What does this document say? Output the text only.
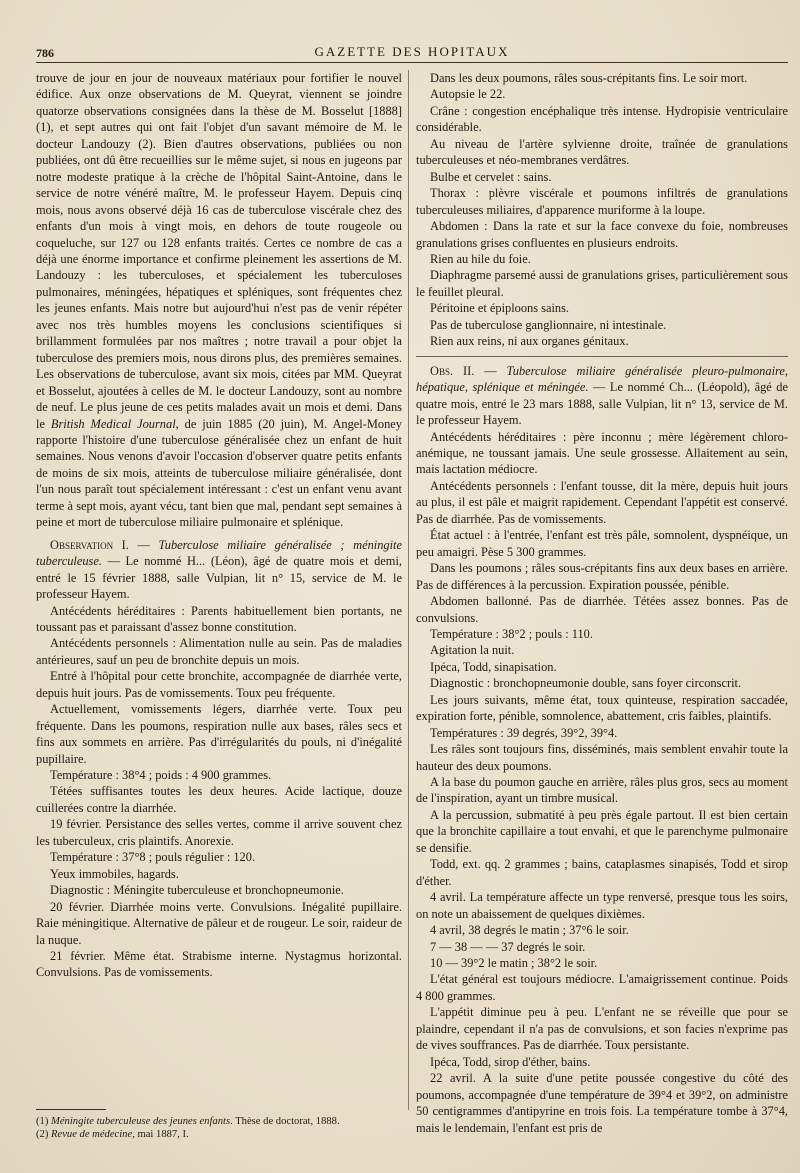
786	GAZETTE DES HOPITAUX

trouve de jour en jour de nouveaux matériaux pour fortifier le nouvel édifice. Aux onze observations de M. Queyrat, viennent se joindre quatorze observations consignées dans la thèse de M. Bosselut [1888] (1), et sept autres qui ont fait l'objet d'un savant mémoire de M. le docteur Landouzy (2). Bien d'autres observations, publiées ou non publiées, ont dû être recueillies sur le même sujet, si nous en jugeons par notre modeste pratique à la crèche de l'hôpital Saint-Antoine, dans le service de notre vénéré maître, M. le professeur Hayem. Depuis cinq mois, nous avons observé déjà 16 cas de tuberculose viscérale chez des enfants d'un mois à vingt mois, en dehors de toute rougeole ou coqueluche, sur 127 ou 128 enfants traités. Certes ce nombre de cas a déjà une énorme importance et confirme pleinement les assertions de M. Landouzy : les tuberculoses, et spécialement les tuberculoses pulmonaires, méningées, hépatiques et spléniques, sont fréquentes chez les jeunes enfants. Mais notre but aujourd'hui n'est pas de venir répéter avec nos très humbles moyens les conclusions scientifiques si brillamment formulées par nos maîtres ; notre travail a pour objet la tuberculose des premiers mois, nous dirons plus, des premières semaines. Les observations de tuberculose, avant six mois, citées par MM. Queyrat et Bosselut, ajoutées à celles de M. le docteur Landouzy, sont au nombre de neuf. Le plus jeune de ces petits malades avait un mois et demi. Dans le British Medical Journal, de juin 1885 (20 juin), M. Angel-Money rapporte l'histoire d'une tuberculose généralisée chez un enfant de huit semaines. Nous venons d'avoir l'occasion d'observer quatre petits enfants de moins de six mois, atteints de tuberculose miliaire généralisée, dont l'un nous paraît tout spécialement intéressant : c'est un enfant venu avant terme à sept mois, ayant vécu, tant bien que mal, pendant sept semaines à peine et mort de tuberculose miliaire pulmonaire et splénique.

Observation I. — Tuberculose miliaire généralisée ; méningite tuberculeuse. — Le nommé H... (Léon), âgé de quatre mois et demi, entré le 15 février 1888, salle Vulpian, lit n° 15, service de M. le professeur Hayem.

Antécédents héréditaires : Parents habituellement bien portants, ne toussant pas et paraissant d'assez bonne constitution.

Antécédents personnels : Alimentation nulle au sein. Pas de maladies antérieures, sauf un peu de bronchite depuis un mois.

Entré à l'hôpital pour cette bronchite, accompagnée de diarrhée verte, depuis huit jours. Pas de vomissements. Toux peu fréquente.

Actuellement, vomissements légers, diarrhée verte. Toux peu fréquente. Dans les poumons, respiration nulle aux bases, râles secs et fins aux sommets en arrière. Pas d'irrégularités du pouls, ni d'inégalité pupillaire.

Température : 38°4 ; poids : 4 900 grammes.

Tétées suffisantes toutes les deux heures. Acide lactique, douze cuillerées contre la diarrhée.

19 février. Persistance des selles vertes, comme il arrive souvent chez les tuberculeux, cris plaintifs. Anorexie.

Température : 37°8 ; pouls régulier : 120.

Yeux immobiles, hagards.

Diagnostic : Méningite tuberculeuse et bronchopneumonie.

20 février. Diarrhée moins verte. Convulsions. Inégalité pupillaire. Raie méningitique. Alternative de pâleur et de rougeur. Le soir, raideur de la nuque.

21 février. Même état. Strabisme interne. Nystagmus horizontal. Convulsions. Pas de vomissements.

(1) Méningite tuberculeuse des jeunes enfants. Thèse de doctorat, 1888.
(2) Revue de médecine, mai 1887, I.

Dans les deux poumons, râles sous-crépitants fins. Le soir mort.

Autopsie le 22.

Crâne : congestion encéphalique très intense. Hydropisie ventriculaire considérable.

Au niveau de l'artère sylvienne droite, traînée de granulations tuberculeuses et néo-membranes verdâtres.

Bulbe et cervelet : sains.

Thorax : plèvre viscérale et poumons infiltrés de granulations tuberculeuses miliaires, d'apparence muriforme à la loupe.

Abdomen : Dans la rate et sur la face convexe du foie, nombreuses granulations grises confluentes en plusieurs endroits.

Rien au hile du foie.

Diaphragme parsemé aussi de granulations grises, particulièrement sous le feuillet pleural.

Péritoine et épiploons sains.

Pas de tuberculose ganglionnaire, ni intestinale.

Rien aux reins, ni aux organes génitaux.

Obs. II. — Tuberculose miliaire généralisée pleuro-pulmonaire, hépatique, splénique et méningée. — Le nommé Ch... (Léopold), âgé de quatre mois, entré le 23 mars 1888, salle Vulpian, lit n° 13, service de M. le professeur Hayem.

Antécédents héréditaires : père inconnu ; mère légèrement chloro-anémique, ne toussant jamais. Une seule grossesse. Allaitement au sein, mais lactation médiocre.

Antécédents personnels : l'enfant tousse, dit la mère, depuis huit jours au plus, il est pâle et maigrit rapidement. Cependant l'appétit est conservé. Pas de diarrhée. Pas de vomissements.

État actuel : à l'entrée, l'enfant est très pâle, somnolent, dyspnéique, un peu amaigri. Pèse 5 300 grammes.

Dans les poumons ; râles sous-crépitants fins aux deux bases en arrière. Pas de différences à la percussion. Expiration poussée, pénible.

Abdomen ballonné. Pas de diarrhée. Tétées assez bonnes. Pas de convulsions.

Température : 38°2 ; pouls : 110.

Agitation la nuit.

Ipéca, Todd, sinapisation.

Diagnostic : bronchopneumonie double, sans foyer circonscrit.

Les jours suivants, même état, toux quinteuse, respiration saccadée, expiration forte, pénible, somnolence, abattement, cris faibles, plaintifs.

Températures : 39 degrés, 39°2, 39°4.

Les râles sont toujours fins, disséminés, mais semblent envahir toute la hauteur des deux poumons.

A la base du poumon gauche en arrière, râles plus gros, secs au moment de l'inspiration, ayant un timbre musical.

A la percussion, submatité à peu près égale partout. Il est bien certain que la bronchite capillaire a tout envahi, et que le parenchyme pulmonaire se densifie.

Todd, ext. qq. 2 grammes ; bains, cataplasmes sinapisés, Todd et sirop d'éther.

4 avril. La température affecte un type renversé, presque tous les soirs, on note un abaissement de quelques dixièmes.

4 avril, 38 degrés le matin ; 37°6 le soir.

7 — 38 — — 37 degrés le soir.

10 — 39°2 le matin ; 38°2 le soir.

L'état général est toujours médiocre. L'amaigrissement continue. Poids 4 800 grammes.

L'appétit diminue peu à peu. L'enfant ne se réveille que pour se plaindre, cependant il n'a pas de convulsions, et son facies n'exprime pas de vives souffrances. Pas de diarrhée. Toux persistante.

Ipéca, Todd, sirop d'éther, bains.

22 avril. A la suite d'une petite poussée congestive du côté des poumons, accompagnée d'une température de 39°4 et 39°2, on administre 50 centigrammes d'antipyrine en trois fois. La température tombe à 37°4, mais le lendemain, l'enfant est pris de
